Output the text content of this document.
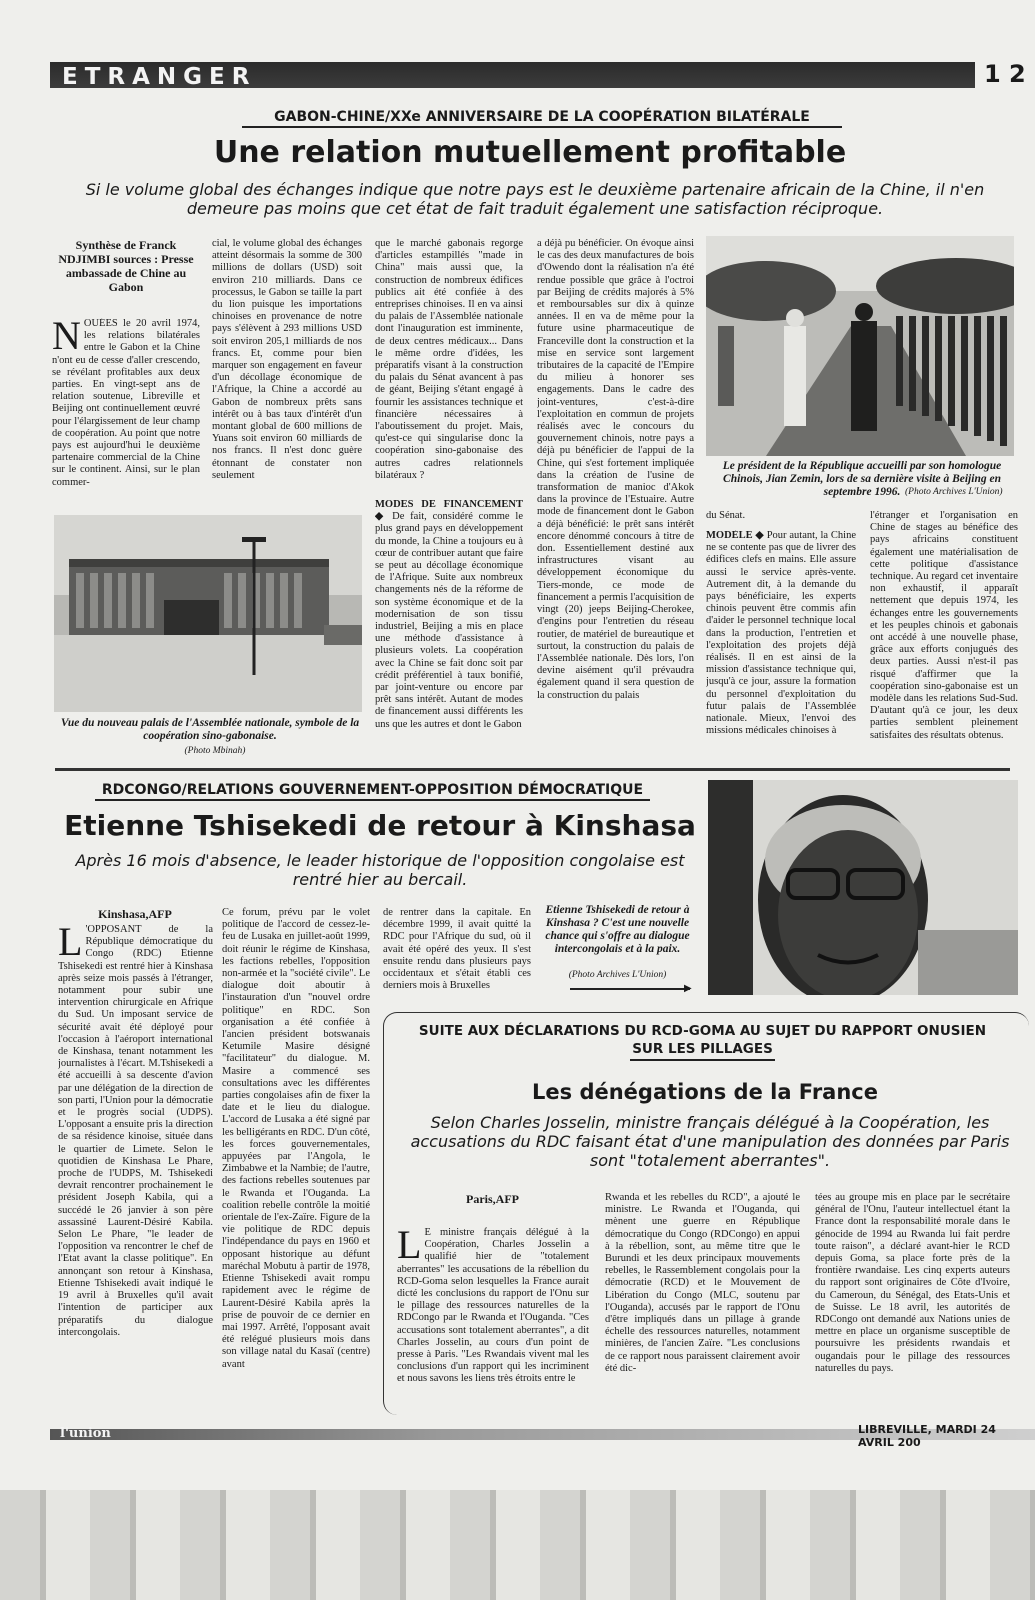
ETRANGER	1 2
GABON-CHINE/XXe ANNIVERSAIRE DE LA COOPÉRATION BILATÉRALE
Une relation mutuellement profitable
Si le volume global des échanges indique que notre pays est le deuxième partenaire africain de la Chine, il n'en demeure pas moins que cet état de fait traduit également une satisfaction réciproque.
Synthèse de Franck NDJIMBI sources : Presse ambassade de Chine au Gabon
NOUÉES le 20 avril 1974, les relations bilatérales entre le Gabon et la Chine n'ont eu de cesse d'aller crescendo, se révélant profitables aux deux parties. En vingt-sept ans de relation soutenue, Libreville et Beijing ont continuellement œuvré pour l'élargissement de leur champ de coopération. Au point que notre pays est aujourd'hui le deuxième partenaire commercial de la Chine sur le continent. Ainsi, sur le plan commer-
cial, le volume global des échanges atteint désormais la somme de 300 millions de dollars (USD) soit environ 210 milliards. Dans ce processus, le Gabon se taille la part du lion puisque les importations chinoises en provenance de notre pays s'élèvent à 293 millions USD soit environ 205,1 milliards de nos francs. Et, comme pour bien marquer son engagement en faveur d'un décollage économique de l'Afrique, la Chine a accordé au Gabon de nombreux prêts sans intérêt ou à bas taux d'intérêt d'un montant global de 600 millions de Yuans soit environ 60 milliards de nos francs. Il n'est donc guère étonnant de constater non seulement
Vue du nouveau palais de l'Assemblée nationale, symbole de la coopération sino-gabonaise.
(Photo Mbinah)
que le marché gabonais regorge d'articles estampillés "made in China" mais aussi que, la construction de nombreux édifices publics ait été confiée à des entreprises chinoises. Il en va ainsi du palais de l'Assemblée nationale dont l'inauguration est imminente, de deux centres médicaux... Dans le même ordre d'idées, les préparatifs visant à la construction du palais du Sénat avancent à pas de géant, Beijing s'étant engagé à fournir les assistances technique et financière nécessaires à l'aboutissement du projet. Mais, qu'est-ce qui singularise donc la coopération sino-gabonaise des autres cadres relationnels bilatéraux ?
MODES DE FINANCEMENT ◆ De fait, considéré comme le plus grand pays en développement du monde, la Chine a toujours eu à cœur de contribuer autant que faire se peut au décollage économique de l'Afrique. Suite aux nombreux changements nés de la réforme de son système économique et de la modernisation de son tissu industriel, Beijing a mis en place une méthode d'assistance à plusieurs volets. La coopération avec la Chine se fait donc soit par crédit préférentiel à taux bonifié, par joint-venture ou encore par prêt sans intérêt. Autant de modes de financement aussi différents les uns que les autres et dont le Gabon
a déjà pu bénéficier. On évoque ainsi le cas des deux manufactures de bois d'Owendo dont la réalisation n'a été rendue possible que grâce à l'octroi par Beijing de crédits majorés à 5% et remboursables sur dix à quinze années. Il en va de même pour la future usine pharmaceutique de Franceville dont la construction et la mise en service sont largement tributaires de la capacité de l'Empire du milieu à honorer ses engagements. Dans le cadre des joint-ventures, c'est-à-dire l'exploitation en commun de projets réalisés avec le concours du gouvernement chinois, notre pays a déjà pu bénéficier de l'appui de la Chine, qui s'est fortement impliquée dans la création de l'usine de transformation de manioc d'Akok dans la province de l'Estuaire. Autre mode de financement dont le Gabon a déjà bénéficié: le prêt sans intérêt encore dénommé concours à titre de don. Essentiellement destiné aux infrastructures visant au développement économique du Tiers-monde, ce mode de financement a permis l'acquisition de vingt (20) jeeps Beijing-Cherokee, d'engins pour l'entretien du réseau routier, de matériel de bureautique et surtout, la construction du palais de l'Assemblée nationale. Dès lors, l'on devine aisément qu'il prévaudra également quand il sera question de la construction du palais
Le président de la République accueilli par son homologue Chinois, Jian Zemin, lors de sa dernière visite à Beijing en septembre 1996. (Photo Archives L'Union)
du Sénat.
MODÈLE ◆ Pour autant, la Chine ne se contente pas que de livrer des édifices clefs en mains. Elle assure aussi le service après-vente. Autrement dit, à la demande du pays bénéficiaire, les experts chinois peuvent être commis afin d'aider le personnel technique local dans la production, l'entretien et l'exploitation des projets déjà réalisés. Il en est ainsi de la mission d'assistance technique qui, jusqu'à ce jour, assure la formation du personnel d'exploitation du futur palais de l'Assemblée nationale. Mieux, l'envoi des missions médicales chinoises à
l'étranger et l'organisation en Chine de stages au bénéfice des pays africains constituent également une matérialisation de cette politique d'assistance technique. Au regard cet inventaire non exhaustif, il apparaît nettement que depuis 1974, les échanges entre les gouvernements et les peuples chinois et gabonais ont accédé à une nouvelle phase, grâce aux efforts conjugués des deux parties. Aussi n'est-il pas risqué d'affirmer que la coopération sino-gabonaise est un modèle dans les relations Sud-Sud. D'autant qu'à ce jour, les deux parties semblent pleinement satisfaites des résultats obtenus.
RDCONGO/RELATIONS GOUVERNEMENT-OPPOSITION DÉMOCRATIQUE
Etienne Tshisekedi de retour à Kinshasa
Après 16 mois d'absence, le leader historique de l'opposition congolaise est rentré hier au bercail.
Kinshasa,AFP
L 'OPPOSANT de la République démocratique du Congo (RDC) Etienne Tshisekedi est rentré hier à Kinshasa après seize mois passés à l'étranger, notamment pour subir une intervention chirurgicale en Afrique du Sud. Un imposant service de sécurité avait été déployé pour l'occasion à l'aéroport international de Kinshasa, tenant notamment les journalistes à l'écart. M.Tshisekedi a été accueilli à sa descente d'avion par une délégation de la direction de son parti, l'Union pour la démocratie et le progrès social (UDPS). L'opposant a ensuite pris la direction de sa résidence kinoise, située dans le quartier de Limete. Selon le quotidien de Kinshasa Le Phare, proche de l'UDPS, M. Tshisekedi devrait rencontrer prochainement le président Joseph Kabila, qui a succédé le 26 janvier à son père assassiné Laurent-Désiré Kabila. Selon Le Phare, "le leader de l'opposition va rencontrer le chef de l'Etat avant la classe politique". En annonçant son retour à Kinshasa, Etienne Tshisekedi avait indiqué le 19 avril à Bruxelles qu'il avait l'intention de participer aux préparatifs du dialogue intercongolais.
Ce forum, prévu par le volet politique de l'accord de cessez-le-feu de Lusaka en juillet-août 1999, doit réunir le régime de Kinshasa, les factions rebelles, l'opposition non-armée et la "société civile". Le dialogue doit aboutir à l'instauration d'un "nouvel ordre politique" en RDC. Son organisation a été confiée à l'ancien président botswanais Ketumile Masire désigné "facilitateur" du dialogue. M. Masire a commencé ses consultations avec les différentes parties congolaises afin de fixer la date et le lieu du dialogue. L'accord de Lusaka a été signé par les belligérants en RDC. D'un côté, les forces gouvernementales, appuyées par l'Angola, le Zimbabwe et la Nambie; de l'autre, des factions rebelles soutenues par le Rwanda et l'Ouganda. La coalition rebelle contrôle la moitié orientale de l'ex-Zaïre. Figure de la vie politique de RDC depuis l'indépendance du pays en 1960 et opposant historique au défunt maréchal Mobutu à partir de 1978, Etienne Tshisekedi avait rompu rapidement avec le régime de Laurent-Désiré Kabila après la prise de pouvoir de ce dernier en mai 1997. Arrêté, l'opposant avait été relégué plusieurs mois dans son village natal du Kasaï (centre) avant
de rentrer dans la capitale. En décembre 1999, il avait quitté la RDC pour l'Afrique du sud, où il avait été opéré des yeux. Il s'est ensuite rendu dans plusieurs pays occidentaux et s'était établi ces derniers mois à Bruxelles
Etienne Tshisekedi de retour à Kinshasa ? C'est une nouvelle chance qui s'offre au dialogue intercongolais et à la paix.
(Photo Archives L'Union)
▶
SUITE AUX DÉCLARATIONS DU RCD-GOMA AU SUJET DU RAPPORT ONUSIEN
SUR LES PILLAGES
Les dénégations de la France
Selon Charles Josselin, ministre français délégué à la Coopération, les accusations du RDC faisant état d'une manipulation des données par Paris sont "totalement aberrantes".
Paris,AFP
L E ministre français délégué à la Coopération, Charles Josselin a qualifié hier de "totalement aberrantes" les accusations de la rébellion du RCD-Goma selon lesquelles la France aurait dicté les conclusions du rapport de l'Onu sur le pillage des ressources naturelles de la RDCongo par le Rwanda et l'Ouganda. "Ces accusations sont totalement aberrantes", a dit Charles Josselin, au cours d'un point de presse à Paris. "Les Rwandais vivent mal les conclusions d'un rapport qui les incriminent et nous savons les liens très étroits entre le
Rwanda et les rebelles du RCD", a ajouté le ministre. Le Rwanda et l'Ouganda, qui mènent une guerre en République démocratique du Congo (RDCongo) en appui à la rébellion, sont, au même titre que le Burundi et les deux principaux mouvements rebelles, le Rassemblement congolais pour la démocratie (RCD) et le Mouvement de Libération du Congo (MLC, soutenu par l'Ouganda), accusés par le rapport de l'Onu d'être impliqués dans un pillage à grande échelle des ressources naturelles, notamment minières, de l'ancien Zaïre. "Les conclusions de ce rapport nous paraissent clairement avoir été dic-
tées au groupe mis en place par le secrétaire général de l'Onu, l'auteur intellectuel étant la France dont la responsabilité morale dans le génocide de 1994 au Rwanda lui fait perdre toute raison", a déclaré avant-hier le RCD depuis Goma, sa place forte près de la frontière rwandaise. Les cinq experts auteurs du rapport sont originaires de Côte d'Ivoire, du Cameroun, du Sénégal, des Etats-Unis et de Suisse. Le 18 avril, les autorités de RDCongo ont demandé aux Nations unies de mettre en place un organisme susceptible de poursuivre les présidents rwandais et ougandais pour le pillage des ressources naturelles du pays.
l'union	LIBREVILLE, MARDI 24 AVRIL 200
